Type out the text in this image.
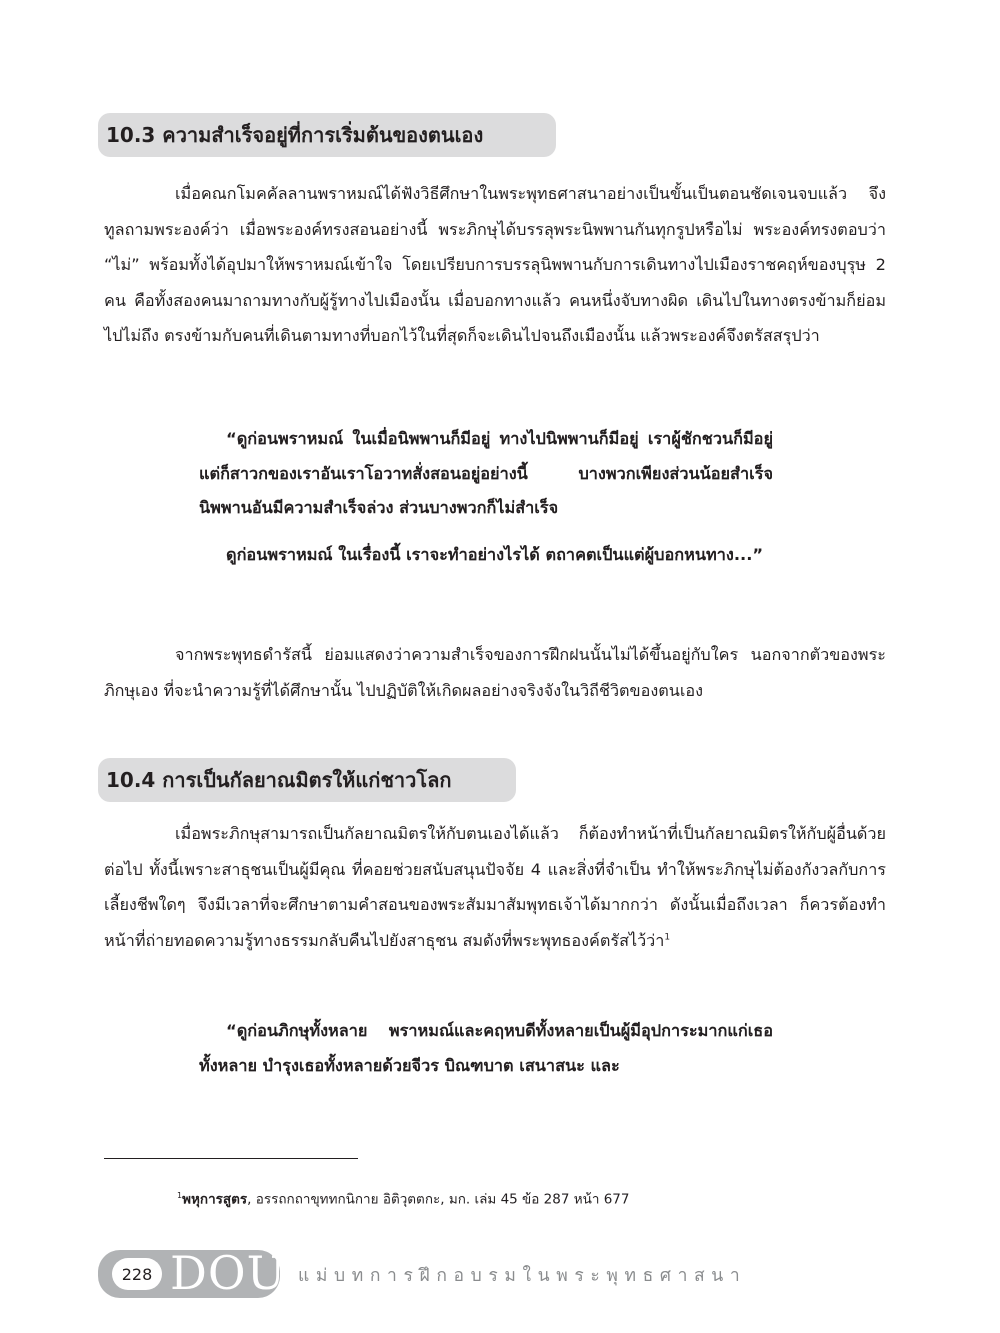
10.3 ความสำเร็จอยู่ที่การเริ่มต้นของตนเอง

เมื่อคณกโมคคัลลานพราหมณ์ได้ฟังวิธีศึกษาในพระพุทธศาสนาอย่างเป็นขั้นเป็นตอนชัดเจนจบแล้ว จึงทูลถามพระองค์ว่า เมื่อพระองค์ทรงสอนอย่างนี้ พระภิกษุได้บรรลุพระนิพพานกันทุกรูปหรือไม่ พระองค์ทรงตอบว่า “ไม่” พร้อมทั้งได้อุปมาให้พราหมณ์เข้าใจ โดยเปรียบการบรรลุนิพพานกับการเดินทางไปเมืองราชคฤห์ของบุรุษ 2 คน คือทั้งสองคนมาถามทางกับผู้รู้ทางไปเมืองนั้น เมื่อบอกทางแล้ว คนหนึ่งจับทางผิด เดินไปในทางตรงข้ามก็ย่อมไปไม่ถึง ตรงข้ามกับคนที่เดินตามทางที่บอกไว้ในที่สุดก็จะเดินไปจนถึงเมืองนั้น แล้วพระองค์จึงตรัสสรุปว่า

“ดูก่อนพราหมณ์ ในเมื่อนิพพานก็มีอยู่ ทางไปนิพพานก็มีอยู่ เราผู้ชักชวนก็มีอยู่ แต่ก็สาวกของเราอันเราโอวาทสั่งสอนอยู่อย่างนี้ บางพวกเพียงส่วนน้อยสำเร็จนิพพานอันมีความสำเร็จล่วง ส่วนบางพวกก็ไม่สำเร็จ

ดูก่อนพราหมณ์ ในเรื่องนี้ เราจะทำอย่างไรได้ ตถาคตเป็นแต่ผู้บอกหนทาง...”

จากพระพุทธดำรัสนี้ ย่อมแสดงว่าความสำเร็จของการฝึกฝนนั้นไม่ได้ขึ้นอยู่กับใคร นอกจากตัวของพระภิกษุเอง ที่จะนำความรู้ที่ได้ศึกษานั้น ไปปฏิบัติให้เกิดผลอย่างจริงจังในวิถีชีวิตของตนเอง

10.4 การเป็นกัลยาณมิตรให้แก่ชาวโลก

เมื่อพระภิกษุสามารถเป็นกัลยาณมิตรให้กับตนเองได้แล้ว ก็ต้องทำหน้าที่เป็นกัลยาณมิตรให้กับผู้อื่นด้วยต่อไป ทั้งนี้เพราะสาธุชนเป็นผู้มีคุณ ที่คอยช่วยสนับสนุนปัจจัย 4 และสิ่งที่จำเป็น ทำให้พระภิกษุไม่ต้องกังวลกับการเลี้ยงชีพใดๆ จึงมีเวลาที่จะศึกษาตามคำสอนของพระสัมมาสัมพุทธเจ้าได้มากกว่า ดังนั้นเมื่อถึงเวลา ก็ควรต้องทำหน้าที่ถ่ายทอดความรู้ทางธรรมกลับคืนไปยังสาธุชน สมดังที่พระพุทธองค์ตรัสไว้ว่า$^1$

“ดูก่อนภิกษุทั้งหลาย พราหมณ์และคฤหบดีทั้งหลายเป็นผู้มีอุปการะมากแก่เธอทั้งหลาย บำรุงเธอทั้งหลายด้วยจีวร บิณฑบาต เสนาสนะ และ

$^1$พหุการสูตร, อรรถกถาขุททกนิกาย อิติวุตตกะ, มก. เล่ม 45 ข้อ 287 หน้า 677
228 DOU แม่บทการฝึกอบรมในพระพุทธศาสนา
